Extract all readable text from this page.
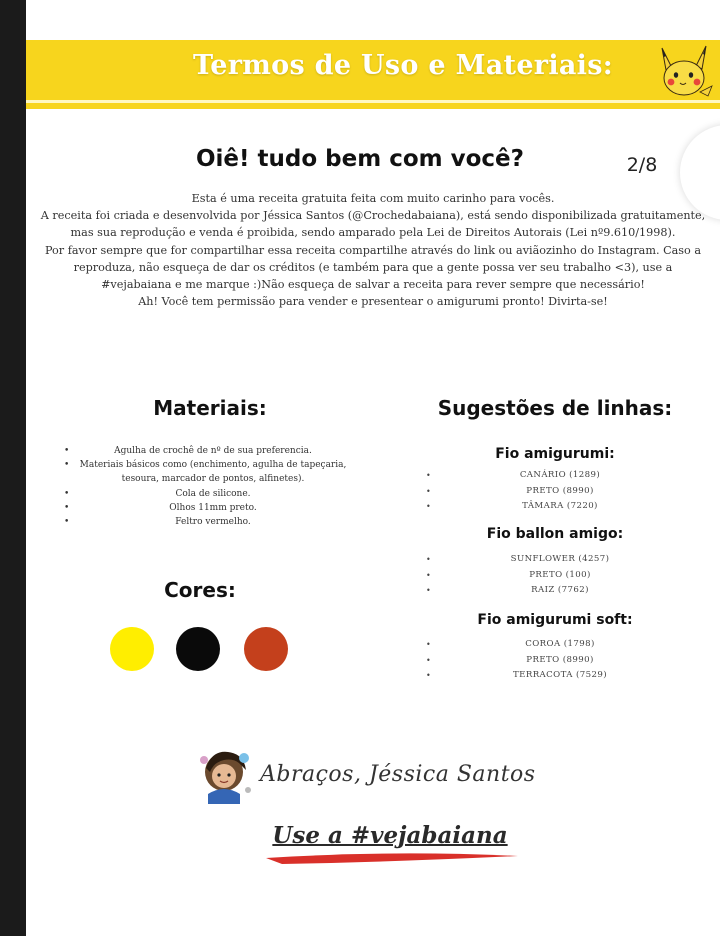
Termos de Uso e Materiais:
Oiê! tudo bem com você?	2/8

Esta é uma receita gratuita feita com muito carinho para vocês.

A receita foi criada e desenvolvida por Jéssica Santos (@Crochedabaiana), está sendo disponibilizada gratuitamente, mas sua reprodução e venda é proibida, sendo amparado pela Lei de Direitos Autorais (Lei nº9.610/1998).

Por favor sempre que for compartilhar essa receita compartilhe através do link ou aviãozinho do Instagram. Caso a reproduza, não esqueça de dar os créditos (e também para que a gente possa ver seu trabalho <3), use a #vejabaiana e me marque :)Não esqueça de salvar a receita para rever sempre que necessário!

Ah! Você tem permissão para vender e presentear o amigurumi pronto! Divirta-se!

Materiais:
• Agulha de crochê de nº de sua preferencia.
• Materiais básicos como (enchimento, agulha de tapeçaria, tesoura, marcador de pontos, alfinetes).
• Cola de silicone.
• Olhos 11mm preto.
• Feltro vermelho.
Sugestões de linhas:
Fio amigurumi:
• CANÁRIO (1289)
• PRETO (8990)
• TÂMARA (7220)
Fio ballon amigo:
• SUNFLOWER (4257)
• PRETO (100)
• RAIZ (7762)
Fio amigurumi soft:
• COROA (1798)
• PRETO (8990)
• TERRACOTA (7529)
Cores:
Abraços, Jéssica Santos
Use a #vejabaiana
